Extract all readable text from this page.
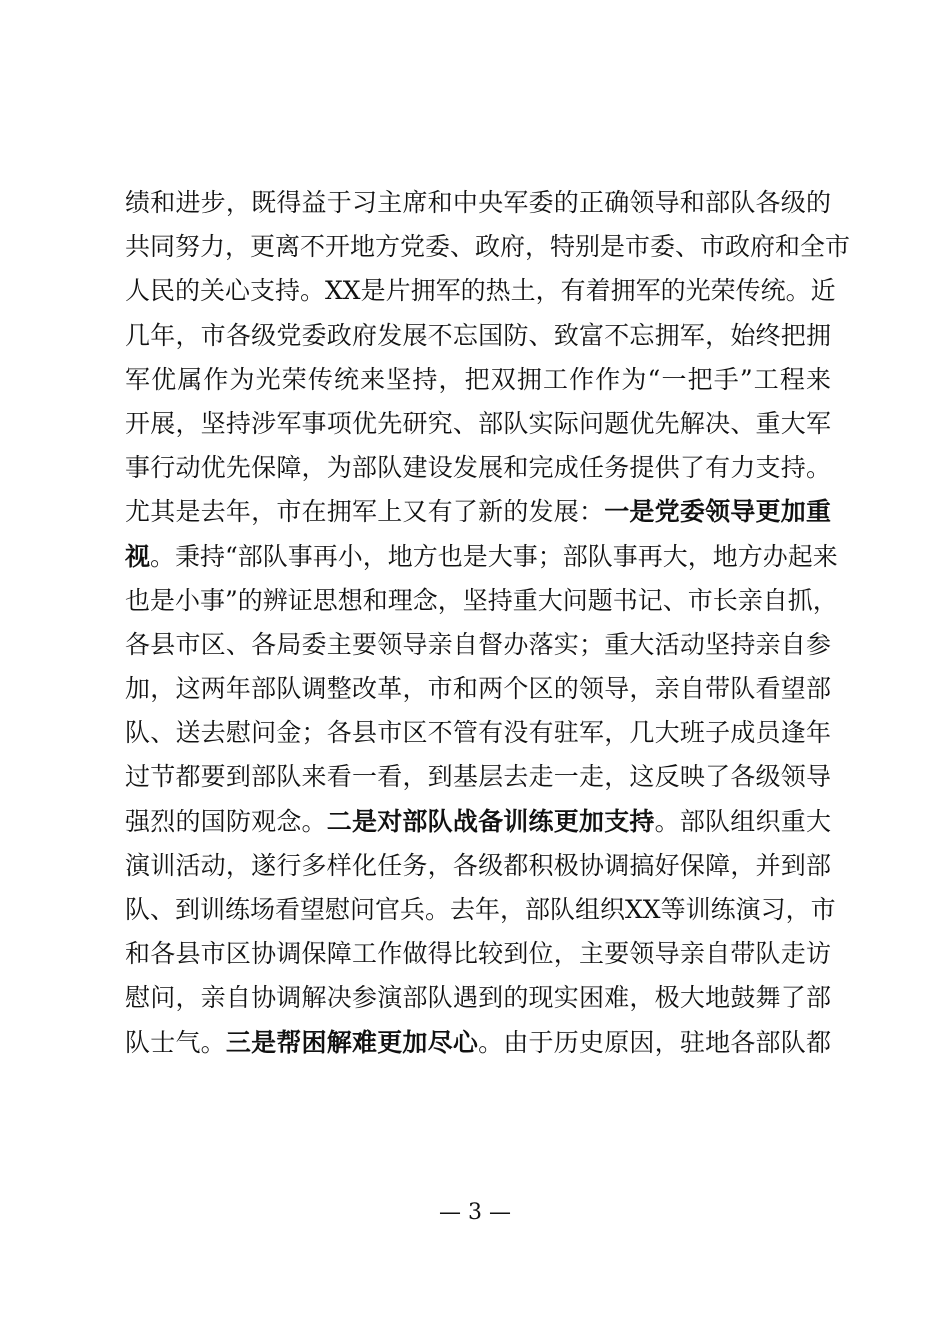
绩和进步，既得益于习主席和中央军委的正确领导和部队各级的
共同努力，更离不开地方党委、政府，特别是市委、市政府和全市
人民的关心支持。XX是片拥军的热土，有着拥军的光荣传统。近
几年，市各级党委政府发展不忘国防、致富不忘拥军，始终把拥
军优属作为光荣传统来坚持，把双拥工作作为“一把手”工程来
开展，坚持涉军事项优先研究、部队实际问题优先解决、重大军
事行动优先保障，为部队建设发展和完成任务提供了有力支持。
尤其是去年，市在拥军上又有了新的发展：一是党委领导更加重
视。秉持“部队事再小，地方也是大事；部队事再大，地方办起来
也是小事”的辨证思想和理念，坚持重大问题书记、市长亲自抓，
各县市区、各局委主要领导亲自督办落实；重大活动坚持亲自参
加，这两年部队调整改革，市和两个区的领导，亲自带队看望部
队、送去慰问金；各县市区不管有没有驻军，几大班子成员逢年
过节都要到部队来看一看，到基层去走一走，这反映了各级领导
强烈的国防观念。二是对部队战备训练更加支持。部队组织重大
演训活动，遂行多样化任务，各级都积极协调搞好保障，并到部
队、到训练场看望慰问官兵。去年，部队组织XX等训练演习，市
和各县市区协调保障工作做得比较到位，主要领导亲自带队走访
慰问，亲自协调解决参演部队遇到的现实困难，极大地鼓舞了部
队士气。三是帮困解难更加尽心。由于历史原因，驻地各部队都
— 3 —
